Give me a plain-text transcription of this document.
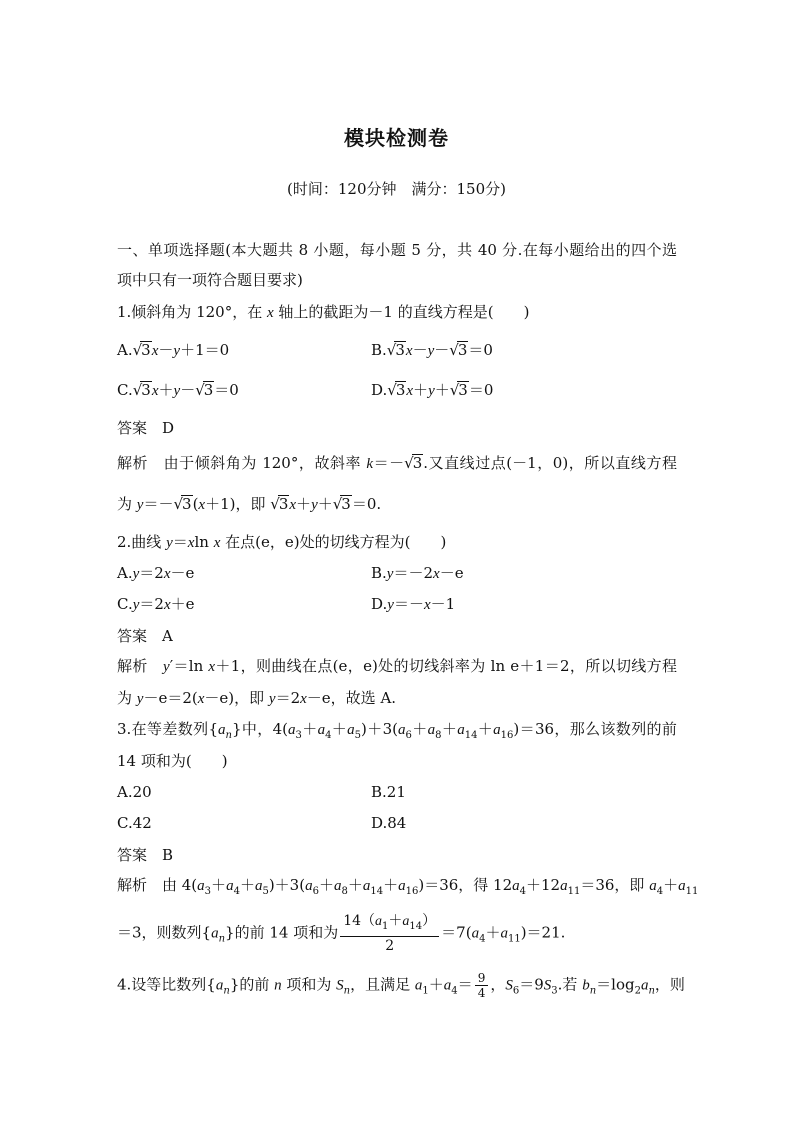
模块检测卷
(时间：120分钟　满分：150分)
一、单项选择题(本大题共 8 小题，每小题 5 分，共 40 分.在每小题给出的四个选
项中只有一项符合题目要求)
1.倾斜角为 120°，在 x 轴上的截距为－1 的直线方程是(　　)
A.√3x－y＋1＝0	B.√3x－y－√3＝0
C.√3x＋y－√3＝0	D.√3x＋y＋√3＝0
答案　D
解析　由于倾斜角为 120°，故斜率 k＝－√3.又直线过点(－1，0)，所以直线方程
为 y＝－√3(x＋1)，即 √3x＋y＋√3＝0.
2.曲线 y＝xln x 在点(e，e)处的切线方程为(　　)
A.y＝2x－e	B.y＝－2x－e
C.y＝2x＋e	D.y＝－x－1
答案　A
解析　y′＝ln x＋1，则曲线在点(e，e)处的切线斜率为 ln e＋1＝2，所以切线方程
为 y－e＝2(x－e)，即 y＝2x－e，故选 A.
3.在等差数列$\{a_n\}$中，$4(a_3+a_4+a_5)+3(a_6+a_8+a_{14}+a_{16})=36$，那么该数列的前
14 项和为(　　)
A.20	B.21
C.42	D.84
答案　B
解析　由 $4(a_3+a_4+a_5)+3(a_6+a_8+a_{14}+a_{16})=36$，得 $12a_4+12a_{11}=36$，即 $a_4+a_{11}$
＝3，则数列$\{a_n\}$的前 14 项和为 $\frac{14(a_1+a_{14})}{2} =7(a_4+a_{11})=21$.
4.设等比数列$\{a_n\}$的前 n 项和为 $S_n$，且满足 $a_1+a_4= \frac{9}{4}$ ，$S_6=9S_3$.若 $b_n=\log_2a_n$，则
